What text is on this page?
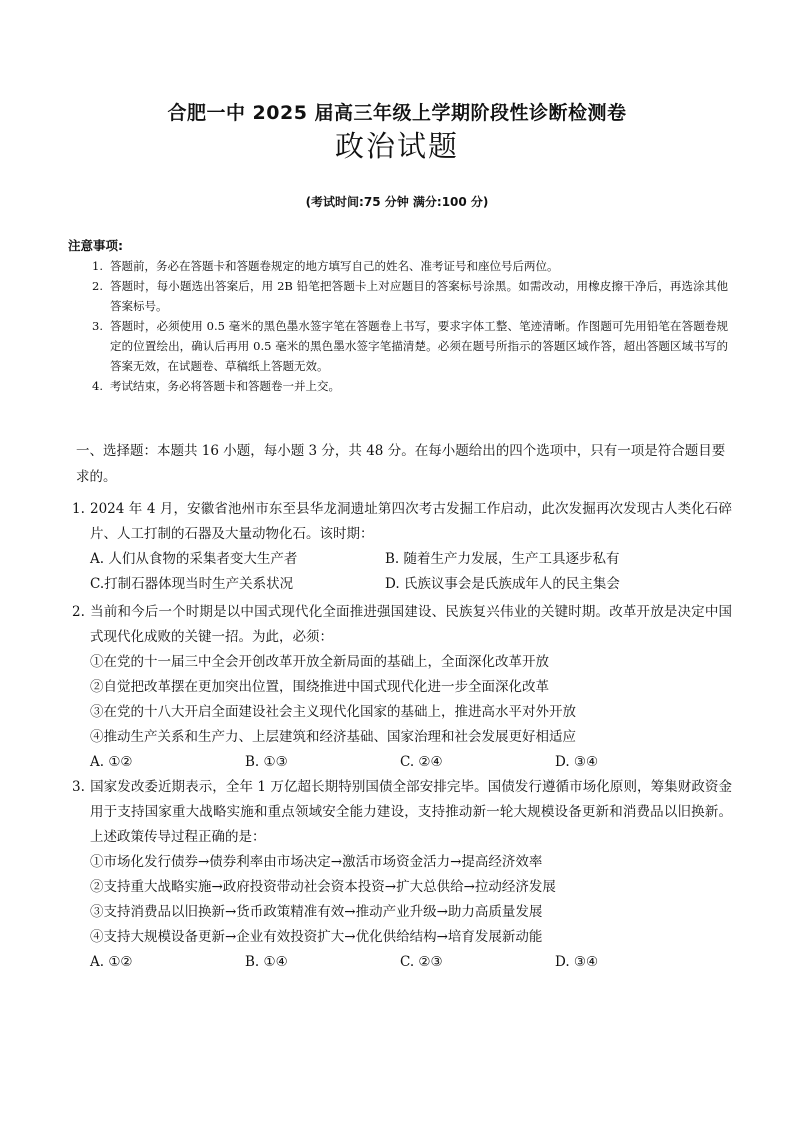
合肥一中 2025 届高三年级上学期阶段性诊断检测卷
政治试题
(考试时间:75 分钟 满分:100 分)
注意事项:

1. 答题前，务必在答题卡和答题卷规定的地方填写自己的姓名、准考证号和座位号后两位。

2. 答题时，每小题选出答案后，用 2B 铅笔把答题卡上对应题目的答案标号涂黑。如需改动，用橡皮擦干净后，再选涂其他答案标号。

3. 答题时，必须使用 0.5 毫米的黑色墨水签字笔在答题卷上书写，要求字体工整、笔迹清晰。作图题可先用铅笔在答题卷规定的位置绘出，确认后再用 0.5 毫米的黑色墨水签字笔描清楚。必须在题号所指示的答题区域作答，超出答题区域书写的答案无效，在试题卷、草稿纸上答题无效。

4. 考试结束，务必将答题卡和答题卷一并上交。

一、选择题：本题共 16 小题，每小题 3 分，共 48 分。在每小题给出的四个选项中，只有一项是符合题目要求的。
1. 2024 年 4 月，安徽省池州市东至县华龙洞遗址第四次考古发掘工作启动，此次发掘再次发现古人类化石碎片、人工打制的石器及大量动物化石。该时期：
A. 人们从食物的采集者变大生产者	B. 随着生产力发展，生产工具逐步私有
C.打制石器体现当时生产关系状况	D. 氏族议事会是氏族成年人的民主集会
2. 当前和今后一个时期是以中国式现代化全面推进强国建设、民族复兴伟业的关键时期。改革开放是决定中国式现代化成败的关键一招。为此，必须：
①在党的十一届三中全会开创改革开放全新局面的基础上，全面深化改革开放
②自觉把改革摆在更加突出位置，围绕推进中国式现代化进一步全面深化改革
③在党的十八大开启全面建设社会主义现代化国家的基础上，推进高水平对外开放
④推动生产关系和生产力、上层建筑和经济基础、国家治理和社会发展更好相适应
A. ①②	B. ①③	C. ②④	D. ③④
3. 国家发改委近期表示，全年 1 万亿超长期特别国债全部安排完毕。国债发行遵循市场化原则，筹集财政资金用于支持国家重大战略实施和重点领域安全能力建设，支持推动新一轮大规模设备更新和消费品以旧换新。上述政策传导过程正确的是：
①市场化发行债券→债券利率由市场决定→激活市场资金活力→提高经济效率
②支持重大战略实施→政府投资带动社会资本投资→扩大总供给→拉动经济发展
③支持消费品以旧换新→货币政策精准有效→推动产业升级→助力高质量发展
④支持大规模设备更新→企业有效投资扩大→优化供给结构→培育发展新动能
A. ①②	B. ①④	C. ②③	D. ③④
